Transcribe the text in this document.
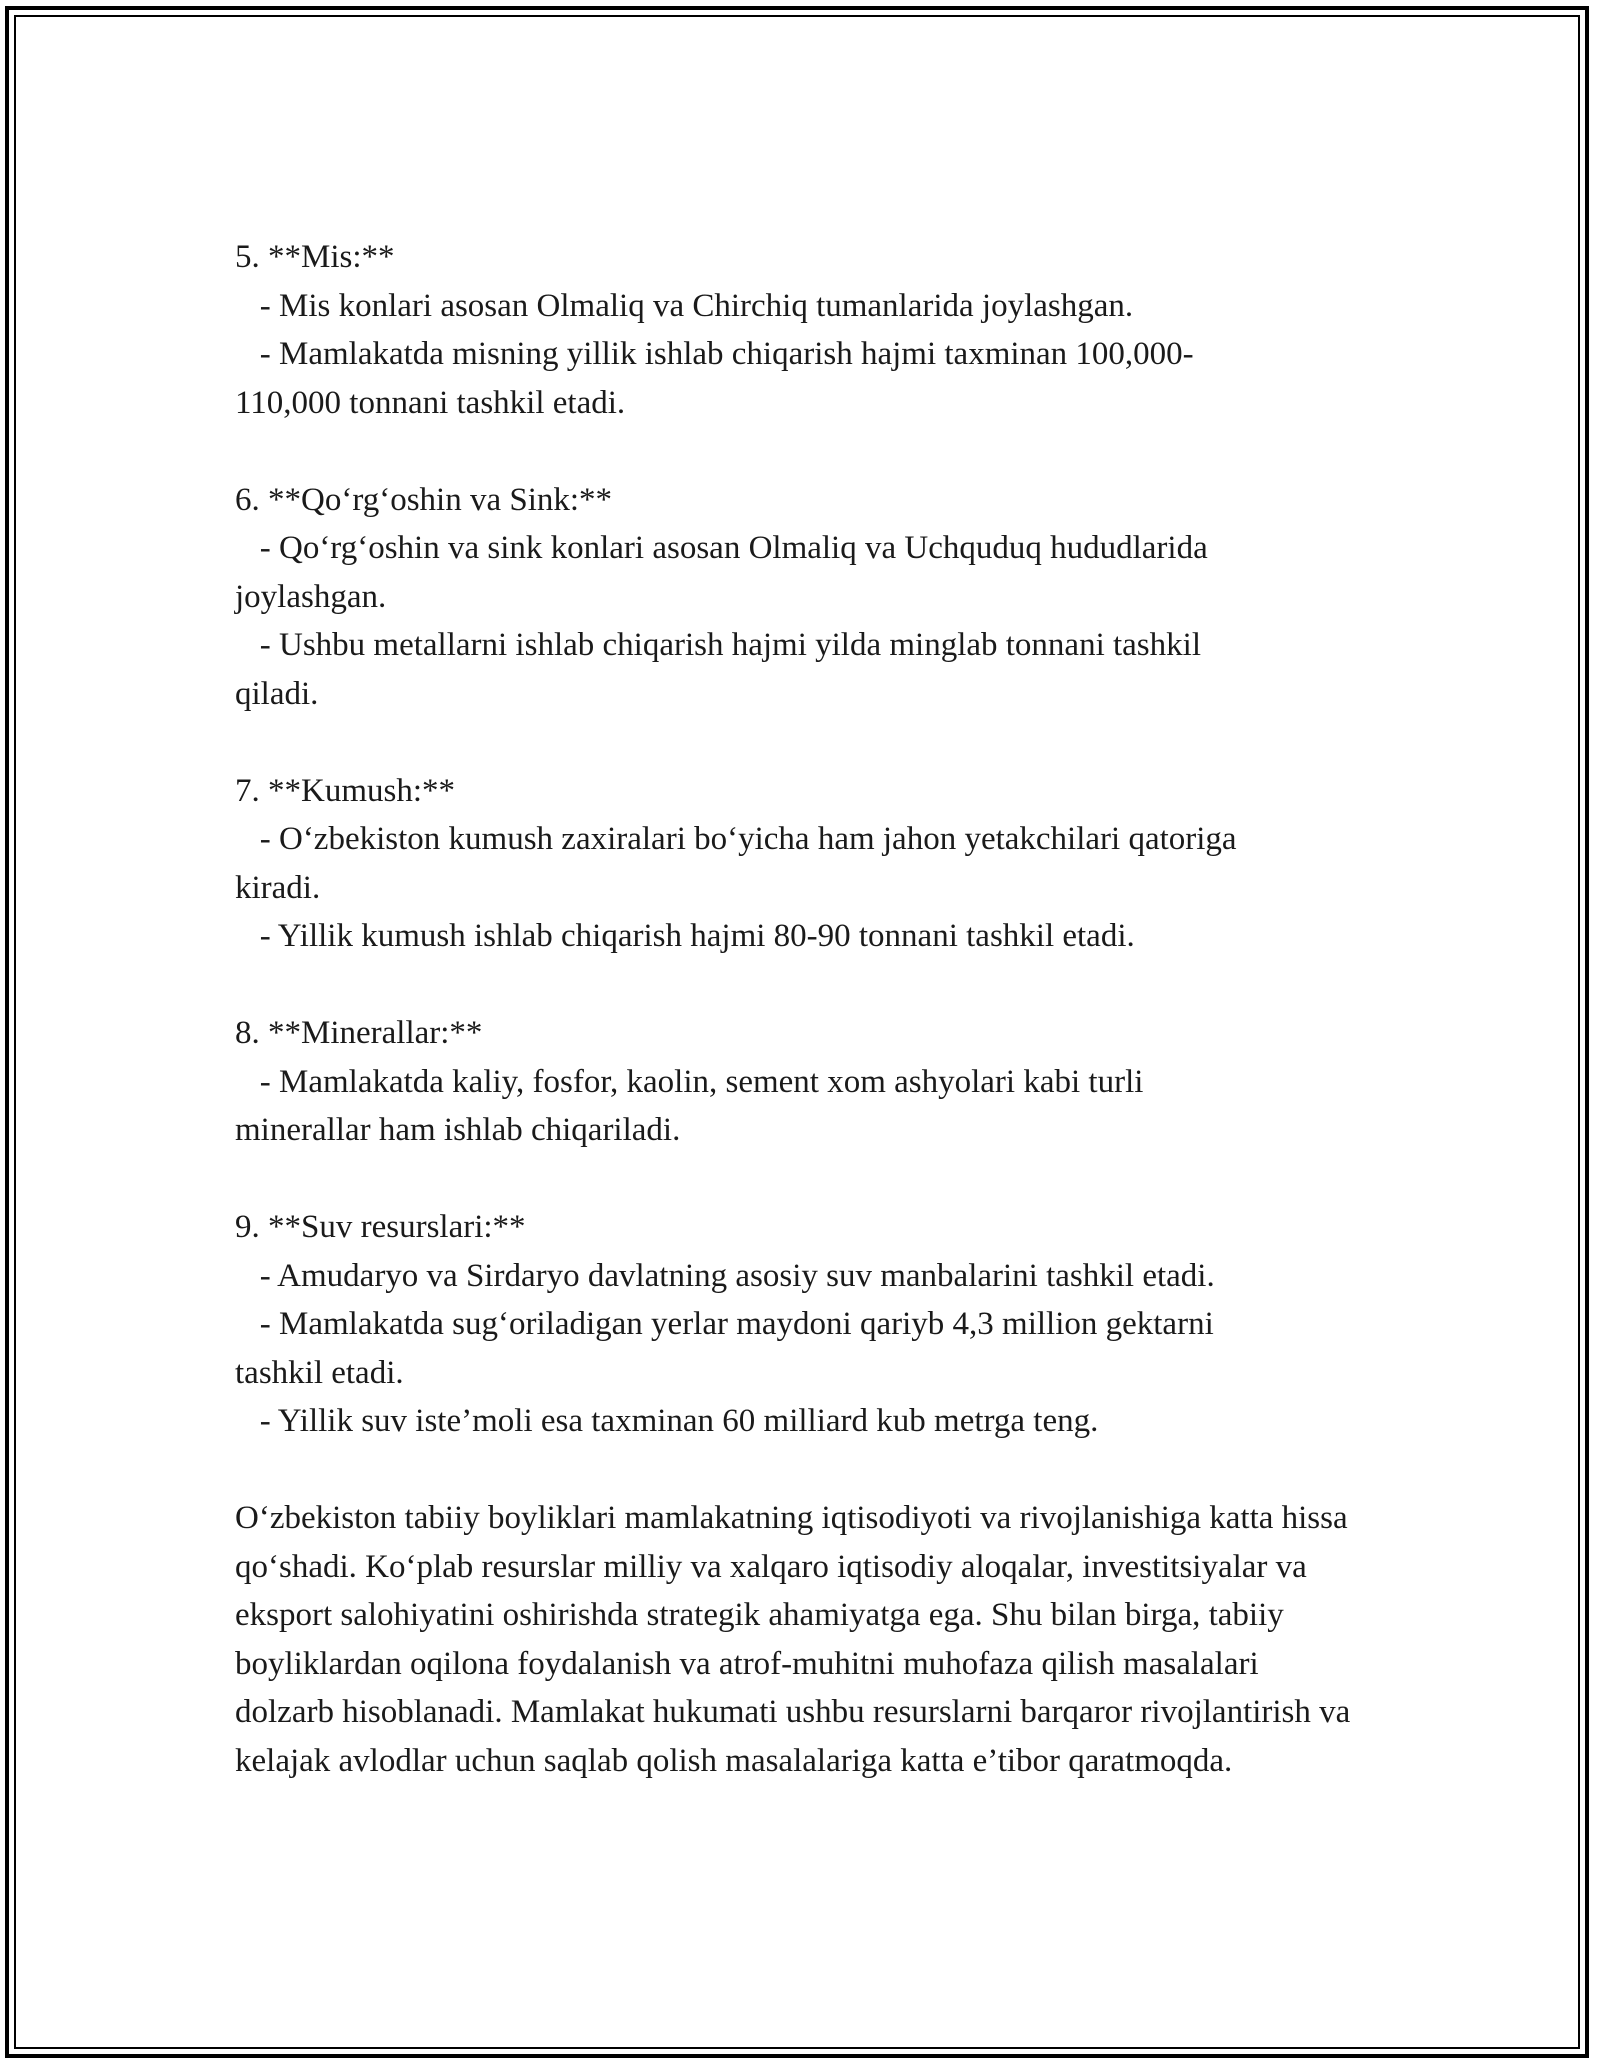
5. **Mis:**

- Mis konlari asosan Olmaliq va Chirchiq tumanlarida joylashgan.

- Mamlakatda misning yillik ishlab chiqarish hajmi taxminan 100,000-
110,000 tonnani tashkil etadi.

6. **Qo‘rg‘oshin va Sink:**

- Qo‘rg‘oshin va sink konlari asosan Olmaliq va Uchquduq hududlarida
joylashgan.

- Ushbu metallarni ishlab chiqarish hajmi yilda minglab tonnani tashkil
qiladi.

7. **Kumush:**

- O‘zbekiston kumush zaxiralari bo‘yicha ham jahon yetakchilari qatoriga
kiradi.

- Yillik kumush ishlab chiqarish hajmi 80-90 tonnani tashkil etadi.

8. **Minerallar:**

- Mamlakatda kaliy, fosfor, kaolin, sement xom ashyolari kabi turli
minerallar ham ishlab chiqariladi.

9. **Suv resurslari:**

- Amudaryo va Sirdaryo davlatning asosiy suv manbalarini tashkil etadi.

- Mamlakatda sug‘oriladigan yerlar maydoni qariyb 4,3 million gektarni
tashkil etadi.

- Yillik suv iste’moli esa taxminan 60 milliard kub metrga teng.

O‘zbekiston tabiiy boyliklari mamlakatning iqtisodiyoti va rivojlanishiga katta hissa qo‘shadi. Ko‘plab resurslar milliy va xalqaro iqtisodiy aloqalar, investitsiyalar va eksport salohiyatini oshirishda strategik ahamiyatga ega. Shu bilan birga, tabiiy boyliklardan oqilona foydalanish va atrof-muhitni muhofaza qilish masalalari dolzarb hisoblanadi. Mamlakat hukumati ushbu resurslarni barqaror rivojlantirish va kelajak avlodlar uchun saqlab qolish masalalariga katta e’tibor qaratmoqda.
